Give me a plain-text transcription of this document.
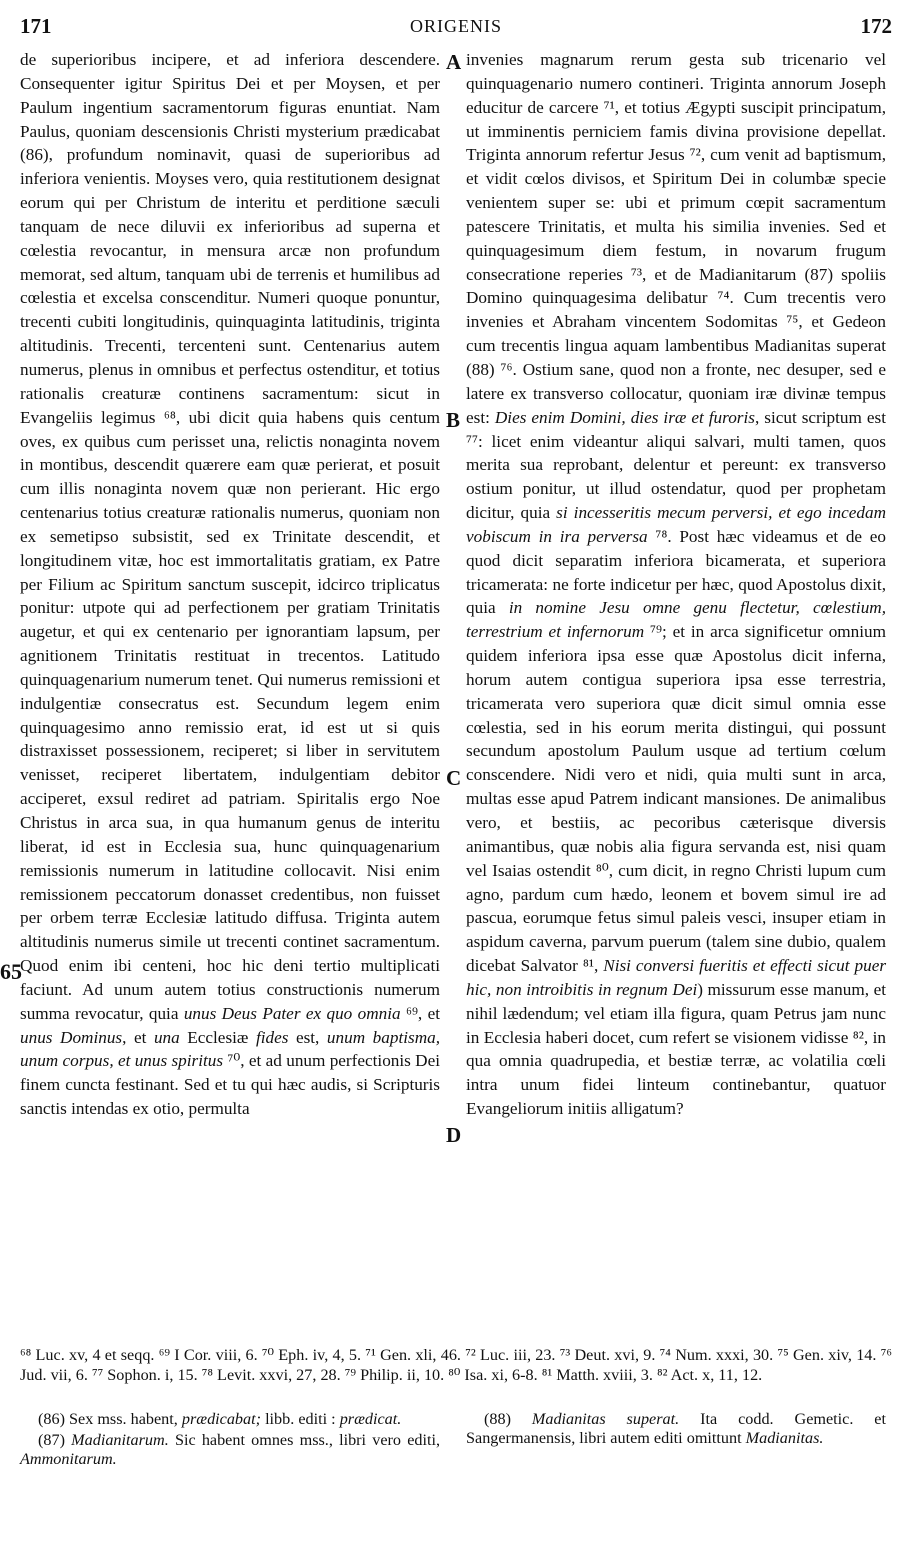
171	ORIGENIS	172

de superioribus incipere, et ad inferiora descendere. Consequenter igitur Spiritus Dei et per Moysen, et per Paulum ingentium sacramentorum figuras enuntiat. Nam Paulus, quoniam descensionis Christi mysterium prædicabat (86), profundum nominavit, quasi de superioribus ad inferiora venientis. Moyses vero, quia restitutionem designat eorum qui per Christum de interitu et perditione sæculi tanquam de nece diluvii ex inferioribus ad superna et cœlestia revocantur, in mensura arcæ non profundum memorat, sed altum, tanquam ubi de terrenis et humilibus ad cœlestia et excelsa conscenditur. Numeri quoque ponuntur, trecenti cubiti longitudinis, quinquaginta latitudinis, triginta altitudinis. Trecenti, tercenteni sunt. Centenarius autem numerus, plenus in omnibus et perfectus ostenditur, et totius rationalis creaturæ continens sacramentum: sicut in Evangeliis legimus ⁶⁸, ubi dicit quia habens quis centum oves, ex quibus cum perisset una, relictis nonaginta novem in montibus, descendit quærere eam quæ perierat, et posuit cum illis nonaginta novem quæ non perierant. Hic ergo centenarius totius creaturæ rationalis numerus, quoniam non ex semetipso subsistit, sed ex Trinitate descendit, et longitudinem vitæ, hoc est immortalitatis gratiam, ex Patre per Filium ac Spiritum sanctum suscepit, idcirco triplicatus ponitur: utpote qui ad perfectionem per gratiam Trinitatis augetur, et qui ex centenario per ignorantiam lapsum, per agnitionem Trinitatis restituat in trecentos. Latitudo quinquagenarium numerum tenet. Qui numerus remissioni et indulgentiæ consecratus est. Secundum legem enim quinquagesimo anno remissio erat, id est ut si quis distraxisset possessionem, reciperet; si liber in servitutem venisset, reciperet libertatem, indulgentiam debitor acciperet, exsul rediret ad patriam. Spiritalis ergo Noe Christus in arca sua, in qua humanum genus de interitu liberat, id est in Ecclesia sua, hunc quinquagenarium remissionis numerum in latitudine collocavit. Nisi enim remissionem peccatorum donasset credentibus, non fuisset per orbem terræ Ecclesiæ latitudo diffusa. Triginta autem altitudinis numerus simile ut trecenti continet sacramentum. Quod enim ibi centeni, hoc hic deni tertio multiplicati faciunt. Ad unum autem totius constructionis numerum summa revocatur, quia unus Deus Pater ex quo omnia ⁶⁹, et unus Dominus, et una Ecclesiæ fides est, unum baptisma, unum corpus, et unus spiritus ⁷⁰, et ad unum perfectionis Dei finem cuncta festinant. Sed et tu qui hæc audis, si Scripturis sanctis intendas ex otio, permulta

A
B
C
D

invenies magnarum rerum gesta sub tricenario vel quinquagenario numero contineri. Triginta annorum Joseph educitur de carcere ⁷¹, et totius Ægypti suscipit principatum, ut imminentis perniciem famis divina provisione depellat. Triginta annorum refertur Jesus ⁷², cum venit ad baptismum, et vidit cœlos divisos, et Spiritum Dei in columbæ specie venientem super se: ubi et primum cœpit sacramentum patescere Trinitatis, et multa his similia invenies. Sed et quinquagesimum diem festum, in novarum frugum consecratione reperies ⁷³, et de Madianitarum (87) spoliis Domino quinquagesima delibatur ⁷⁴. Cum trecentis vero invenies et Abraham vincentem Sodomitas ⁷⁵, et Gedeon cum trecentis lingua aquam lambentibus Madianitas superat (88) ⁷⁶. Ostium sane, quod non a fronte, nec desuper, sed e latere ex transverso collocatur, quoniam iræ divinæ tempus est: Dies enim Domini, dies iræ et furoris, sicut scriptum est ⁷⁷: licet enim videantur aliqui salvari, multi tamen, quos merita sua reprobant, delentur et pereunt: ex transverso ostium ponitur, ut illud ostendatur, quod per prophetam dicitur, quia si incesseritis mecum perversi, et ego incedam vobiscum in ira perversa ⁷⁸. Post hæc videamus et de eo quod dicit separatim inferiora bicamerata, et superiora tricamerata: ne forte indicetur per hæc, quod Apostolus dixit, quia in nomine Jesu omne genu flectetur, cœlestium, terrestrium et infernorum ⁷⁹; et in arca significetur omnium quidem inferiora ipsa esse quæ Apostolus dicit inferna, horum autem contigua superiora ipsa esse terrestria, tricamerata vero superiora quæ dicit simul omnia esse cœlestia, sed in his eorum merita distingui, qui possunt secundum apostolum Paulum usque ad tertium cœlum conscendere. Nidi vero et nidi, quia multi sunt in arca, multas esse apud Patrem indicant mansiones. De animalibus vero, et bestiis, ac pecoribus cæterisque diversis animantibus, quæ nobis alia figura servanda est, nisi quam vel Isaias ostendit ⁸⁰, cum dicit, in regno Christi lupum cum agno, pardum cum hædo, leonem et bovem simul ire ad pascua, eorumque fetus simul paleis vesci, insuper etiam in aspidum caverna, parvum puerum (talem sine dubio, qualem dicebat Salvator ⁸¹, Nisi conversi fueritis et effecti sicut puer hic, non introibitis in regnum Dei) missurum esse manum, et nihil lædendum; vel etiam illa figura, quam Petrus jam nunc in Ecclesia haberi docet, cum refert se visionem vidisse ⁸², in qua omnia quadrupedia, et bestiæ terræ, ac volatilia cœli intra unum fidei linteum continebantur, quatuor Evangeliorum initiis alligatum?

⁶⁸ Luc. xv, 4 et seqq. ⁶⁹ I Cor. viii, 6. ⁷⁰ Eph. iv, 4, 5. ⁷¹ Gen. xli, 46. ⁷² Luc. iii, 23. ⁷³ Deut. xvi, 9. ⁷⁴ Num. xxxi, 30. ⁷⁵ Gen. xiv, 14. ⁷⁶ Jud. vii, 6. ⁷⁷ Sophon. i, 15. ⁷⁸ Levit. xxvi, 27, 28. ⁷⁹ Philip. ii, 10. ⁸⁰ Isa. xi, 6-8. ⁸¹ Matth. xviii, 3. ⁸² Act. x, 11, 12.

(86) Sex mss. habent, prædicabat; libb. editi : prædicat.

(87) Madianitarum. Sic habent omnes mss., libri vero editi, Ammonitarum.

(88) Madianitas superat. Ita codd. Gemetic. et Sangermanensis, libri autem editi omittunt Madianitas.

65
